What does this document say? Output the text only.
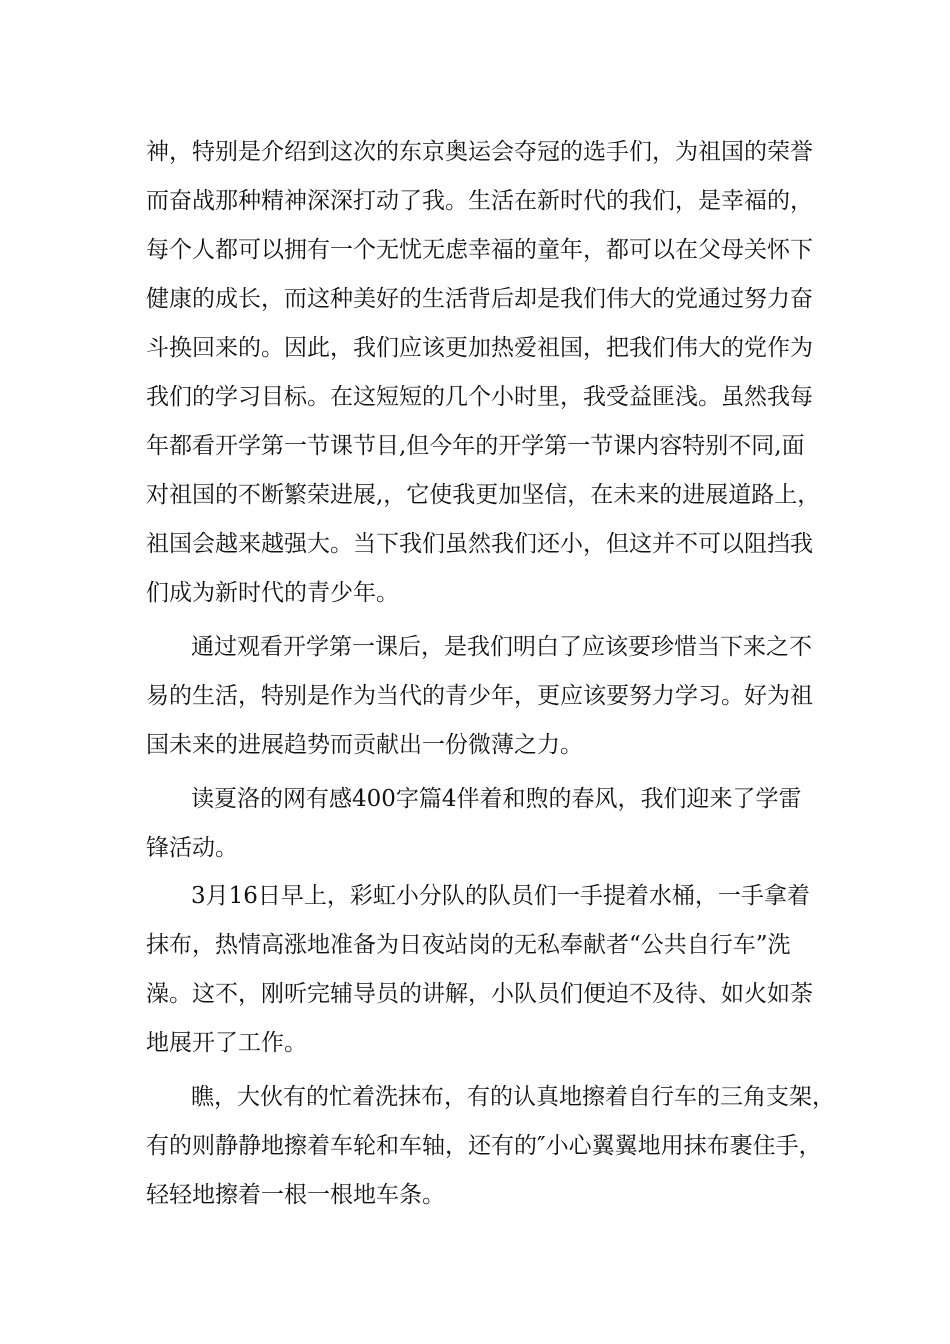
神，特别是介绍到这次的东京奥运会夺冠的选手们，为祖国的荣誉
而奋战那种精神深深打动了我。生活在新时代的我们，是幸福的，
每个人都可以拥有一个无忧无虑幸福的童年，都可以在父母关怀下
健康的成长，而这种美好的生活背后却是我们伟大的党通过努力奋
斗换回来的。因此，我们应该更加热爱祖国，把我们伟大的党作为
我们的学习目标。在这短短的几个小时里，我受益匪浅。虽然我每
年都看开学第一节课节目,但今年的开学第一节课内容特别不同,面
对祖国的不断繁荣进展,，它使我更加坚信，在未来的进展道路上，
祖国会越来越强大。当下我们虽然我们还小，但这并不可以阻挡我
们成为新时代的青少年。
通过观看开学第一课后，是我们明白了应该要珍惜当下来之不
易的生活，特别是作为当代的青少年，更应该要努力学习。好为祖
国未来的进展趋势而贡献出一份微薄之力。
读夏洛的网有感400字篇4伴着和煦的春风，我们迎来了学雷
锋活动。
3月16日早上，彩虹小分队的队员们一手提着水桶，一手拿着
抹布，热情高涨地准备为日夜站岗的无私奉献者“公共自行车”洗
澡。这不，刚听完辅导员的讲解，小队员们便迫不及待、如火如荼
地展开了工作。
瞧，大伙有的忙着洗抹布，有的认真地擦着自行车的三角支架，
有的则静静地擦着车轮和车轴，还有的″小心翼翼地用抹布裹住手，
轻轻地擦着一根一根地车条。
